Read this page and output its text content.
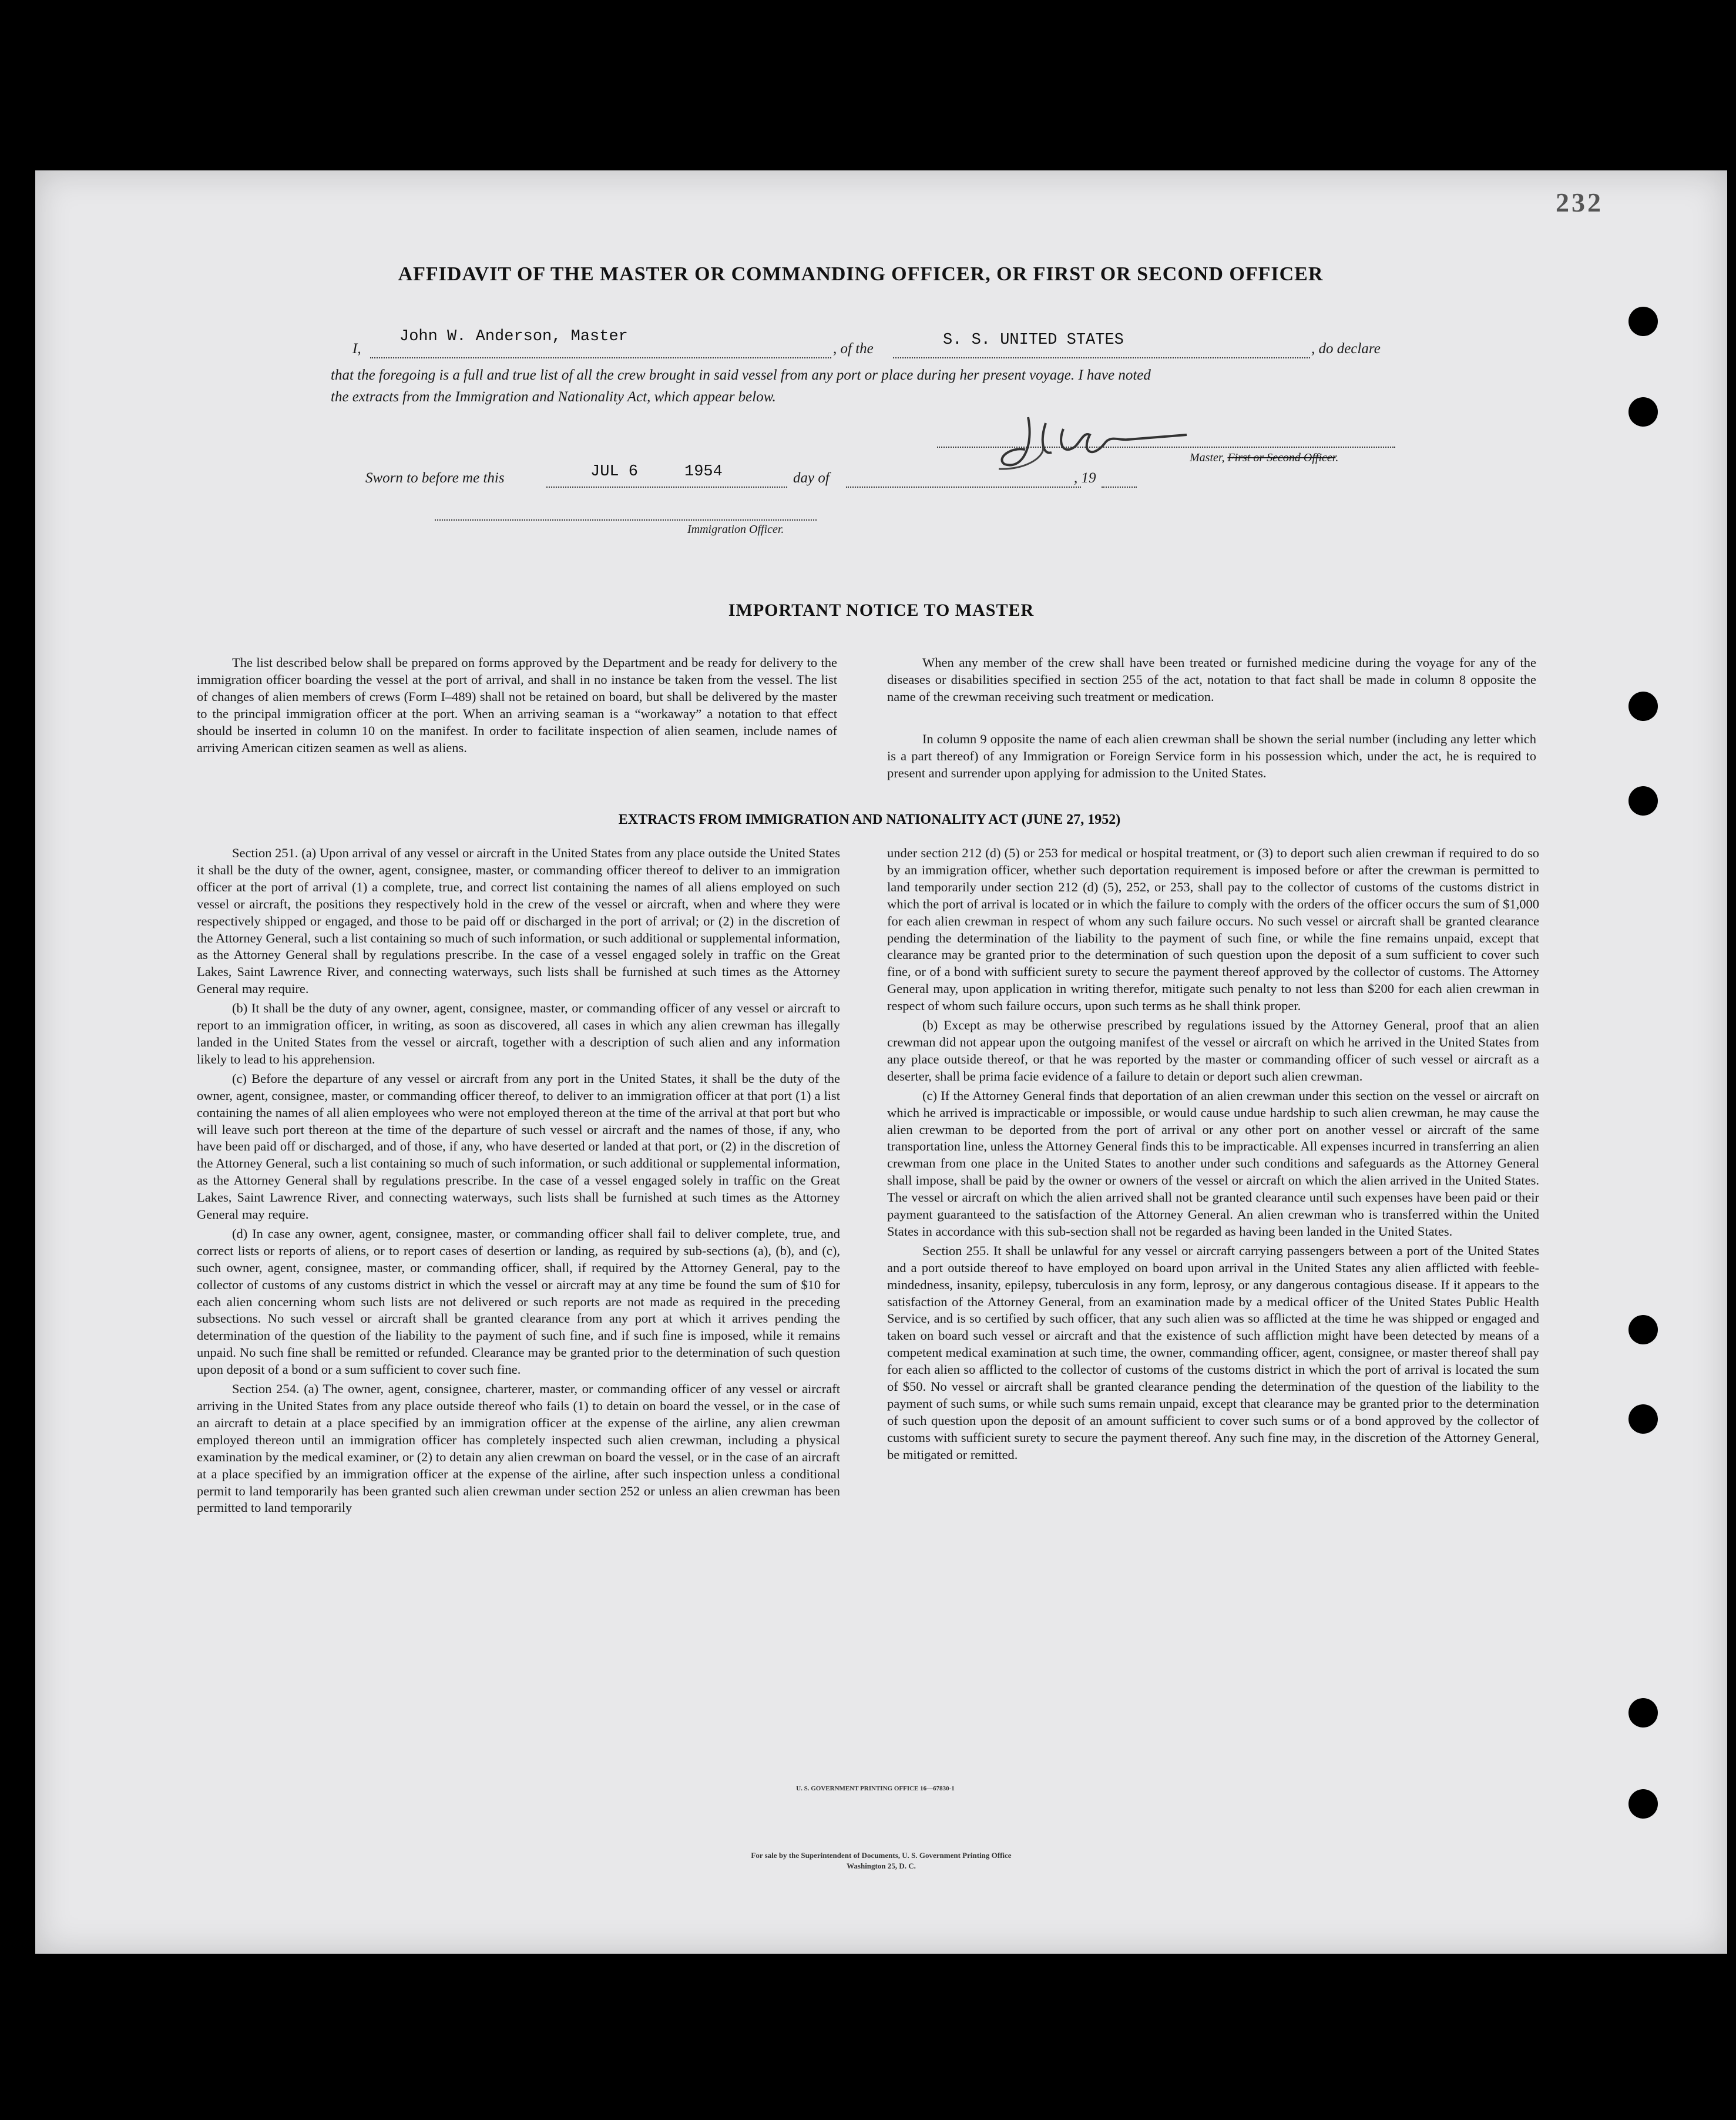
232
AFFIDAVIT OF THE MASTER OR COMMANDING OFFICER, OR FIRST OR SECOND OFFICER
I,
John W. Anderson, Master
, of the	S. S. UNITED STATES	, do declare
that the foregoing is a full and true list of all the crew brought in said vessel from any port or place during her present voyage. I have noted
the extracts from the Immigration and Nationality Act, which appear below.
Master, First or Second Officer.
Sworn to before me this	JUL 6	1954	day of	, 19
Immigration Officer.
IMPORTANT NOTICE TO MASTER

The list described below shall be prepared on forms approved by the Department and be ready for delivery to the immigration officer boarding the vessel at the port of arrival, and shall in no instance be taken from the vessel. The list of changes of alien members of crews (Form I–489) shall not be retained on board, but shall be delivered by the master to the principal immigration officer at the port. When an arriving seaman is a “workaway” a notation to that effect should be inserted in column 10 on the manifest. In order to facilitate inspection of alien seamen, include names of arriving American citizen seamen as well as aliens.

When any member of the crew shall have been treated or furnished medicine during the voyage for any of the diseases or disabilities specified in section 255 of the act, notation to that fact shall be made in column 8 opposite the name of the crewman receiving such treatment or medication.

In column 9 opposite the name of each alien crewman shall be shown the serial number (including any letter which is a part thereof) of any Immigration or Foreign Service form in his possession which, under the act, he is required to present and surrender upon applying for admission to the United States.

EXTRACTS FROM IMMIGRATION AND NATIONALITY ACT (JUNE 27, 1952)

Section 251. (a) Upon arrival of any vessel or aircraft in the United States from any place outside the United States it shall be the duty of the owner, agent, consignee, master, or commanding officer thereof to deliver to an immigration officer at the port of arrival (1) a complete, true, and correct list containing the names of all aliens employed on such vessel or aircraft, the positions they respectively hold in the crew of the vessel or aircraft, when and where they were respectively shipped or engaged, and those to be paid off or discharged in the port of arrival; or (2) in the discretion of the Attorney General, such a list containing so much of such information, or such additional or supplemental information, as the Attorney General shall by regulations prescribe. In the case of a vessel engaged solely in traffic on the Great Lakes, Saint Lawrence River, and connecting waterways, such lists shall be furnished at such times as the Attorney General may require.

(b) It shall be the duty of any owner, agent, consignee, master, or commanding officer of any vessel or aircraft to report to an immigration officer, in writing, as soon as discovered, all cases in which any alien crewman has illegally landed in the United States from the vessel or aircraft, together with a description of such alien and any information likely to lead to his apprehension.

(c) Before the departure of any vessel or aircraft from any port in the United States, it shall be the duty of the owner, agent, consignee, master, or commanding officer thereof, to deliver to an immigration officer at that port (1) a list containing the names of all alien employees who were not employed thereon at the time of the arrival at that port but who will leave such port thereon at the time of the departure of such vessel or aircraft and the names of those, if any, who have been paid off or discharged, and of those, if any, who have deserted or landed at that port, or (2) in the discretion of the Attorney General, such a list containing so much of such information, or such additional or supplemental information, as the Attorney General shall by regulations prescribe. In the case of a vessel engaged solely in traffic on the Great Lakes, Saint Lawrence River, and connecting waterways, such lists shall be furnished at such times as the Attorney General may require.

(d) In case any owner, agent, consignee, master, or commanding officer shall fail to deliver complete, true, and correct lists or reports of aliens, or to report cases of desertion or landing, as required by sub-sections (a), (b), and (c), such owner, agent, consignee, master, or commanding officer, shall, if required by the Attorney General, pay to the collector of customs of any customs district in which the vessel or aircraft may at any time be found the sum of $10 for each alien concerning whom such lists are not delivered or such reports are not made as required in the preceding subsections. No such vessel or aircraft shall be granted clearance from any port at which it arrives pending the determination of the question of the liability to the payment of such fine, and if such fine is imposed, while it remains unpaid. No such fine shall be remitted or refunded. Clearance may be granted prior to the determination of such question upon deposit of a bond or a sum sufficient to cover such fine.

Section 254. (a) The owner, agent, consignee, charterer, master, or commanding officer of any vessel or aircraft arriving in the United States from any place outside thereof who fails (1) to detain on board the vessel, or in the case of an aircraft to detain at a place specified by an immigration officer at the expense of the airline, any alien crewman employed thereon until an immigration officer has completely inspected such alien crewman, including a physical examination by the medical examiner, or (2) to detain any alien crewman on board the vessel, or in the case of an aircraft at a place specified by an immigration officer at the expense of the airline, after such inspection unless a conditional permit to land temporarily has been granted such alien crewman under section 252 or unless an alien crewman has been permitted to land temporarily

under section 212 (d) (5) or 253 for medical or hospital treatment, or (3) to deport such alien crewman if required to do so by an immigration officer, whether such deportation requirement is imposed before or after the crewman is permitted to land temporarily under section 212 (d) (5), 252, or 253, shall pay to the collector of customs of the customs district in which the port of arrival is located or in which the failure to comply with the orders of the officer occurs the sum of $1,000 for each alien crewman in respect of whom any such failure occurs. No such vessel or aircraft shall be granted clearance pending the determination of the liability to the payment of such fine, or while the fine remains unpaid, except that clearance may be granted prior to the determination of such question upon the deposit of a sum sufficient to cover such fine, or of a bond with sufficient surety to secure the payment thereof approved by the collector of customs. The Attorney General may, upon application in writing therefor, mitigate such penalty to not less than $200 for each alien crewman in respect of whom such failure occurs, upon such terms as he shall think proper.

(b) Except as may be otherwise prescribed by regulations issued by the Attorney General, proof that an alien crewman did not appear upon the outgoing manifest of the vessel or aircraft on which he arrived in the United States from any place outside thereof, or that he was reported by the master or commanding officer of such vessel or aircraft as a deserter, shall be prima facie evidence of a failure to detain or deport such alien crewman.

(c) If the Attorney General finds that deportation of an alien crewman under this section on the vessel or aircraft on which he arrived is impracticable or impossible, or would cause undue hardship to such alien crewman, he may cause the alien crewman to be deported from the port of arrival or any other port on another vessel or aircraft of the same transportation line, unless the Attorney General finds this to be impracticable. All expenses incurred in transferring an alien crewman from one place in the United States to another under such conditions and safeguards as the Attorney General shall impose, shall be paid by the owner or owners of the vessel or aircraft on which the alien arrived in the United States. The vessel or aircraft on which the alien arrived shall not be granted clearance until such expenses have been paid or their payment guaranteed to the satisfaction of the Attorney General. An alien crewman who is transferred within the United States in accordance with this sub-section shall not be regarded as having been landed in the United States.

Section 255. It shall be unlawful for any vessel or aircraft carrying passengers between a port of the United States and a port outside thereof to have employed on board upon arrival in the United States any alien afflicted with feeble-mindedness, insanity, epilepsy, tuberculosis in any form, leprosy, or any dangerous contagious disease. If it appears to the satisfaction of the Attorney General, from an examination made by a medical officer of the United States Public Health Service, and is so certified by such officer, that any such alien was so afflicted at the time he was shipped or engaged and taken on board such vessel or aircraft and that the existence of such affliction might have been detected by means of a competent medical examination at such time, the owner, commanding officer, agent, consignee, or master thereof shall pay for each alien so afflicted to the collector of customs of the customs district in which the port of arrival is located the sum of $50. No vessel or aircraft shall be granted clearance pending the determination of the question of the liability to the payment of such sums, or while such sums remain unpaid, except that clearance may be granted prior to the determination of such question upon the deposit of an amount sufficient to cover such sums or of a bond approved by the collector of customs with sufficient surety to secure the payment thereof. Any such fine may, in the discretion of the Attorney General, be mitigated or remitted.

U. S. GOVERNMENT PRINTING OFFICE 16—67830-1
For sale by the Superintendent of Documents, U. S. Government Printing Office
Washington 25, D. C.
